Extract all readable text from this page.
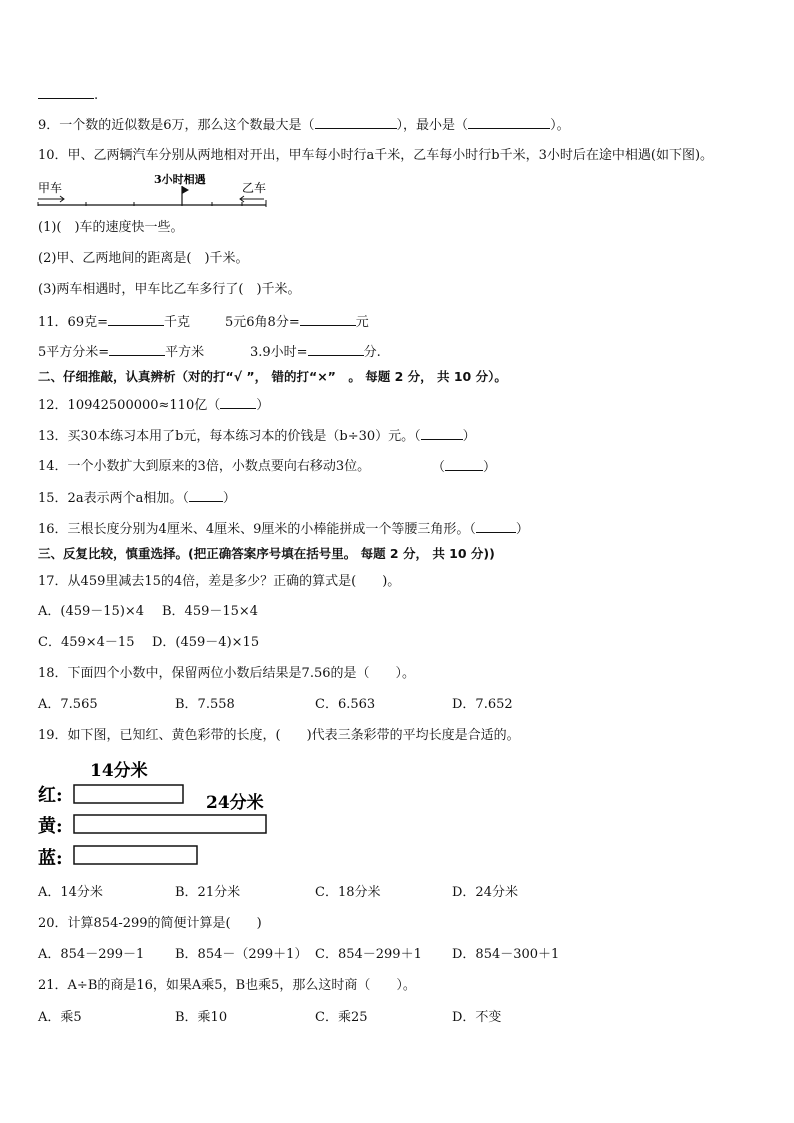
.
9．一个数的近似数是6万，那么这个数最大是（	），最小是（	）。
10．甲、乙两辆汽车分别从两地相对开出，甲车每小时行a千米，乙车每小时行b千米，3小时后在途中相遇(如下图)。
甲车	乙车
3小时相遇
(1)(　)车的速度快一些。
(2)甲、乙两地间的距离是(　)千米。
(3)两车相遇时，甲车比乙车多行了(　)千米。
11．69克=	千克	5元6角8分=	元
5平方分米=	平方米	3.9小时=	分.
二、仔细推敲，认真辨析（对的打“√ ”， 错的打“×”　。 每题 2 分， 共 10 分）。
12．10942500000≈110亿（	）
13．买30本练习本用了b元，每本练习本的价钱是（b÷30）元。（	）
14．一个小数扩大到原来的3倍，小数点要向右移动3位。	（	）
15．2a表示两个a相加。（	）
16．三根长度分别为4厘米、4厘米、9厘米的小棒能拼成一个等腰三角形。（	）
三、反复比较，慎重选择。(把正确答案序号填在括号里。 每题 2 分， 共 10 分))
17．从459里减去15的4倍，差是多少？正确的算式是(　　)。
A．(459－15)×4 B．459－15×4
C．459×4－15 D．(459－4)×15
18．下面四个小数中，保留两位小数后结果是7.56的是（　　）。
A．7.565	B．7.558	C．6.563	D．7.652
19．如下图，已知红、黄色彩带的长度，(　　)代表三条彩带的平均长度是合适的。
14分米
24分米
红:
黄:
蓝:
A．14分米	B．21分米	C．18分米	D．24分米
20．计算854-299的简便计算是(　　)
A．854－299－1 B．854－（299＋1） C．854－299＋1 D．854－300＋1
21．A÷B的商是16，如果A乘5，B也乘5，那么这时商（　　）。
A．乘5	B．乘10	C．乘25	D．不变
